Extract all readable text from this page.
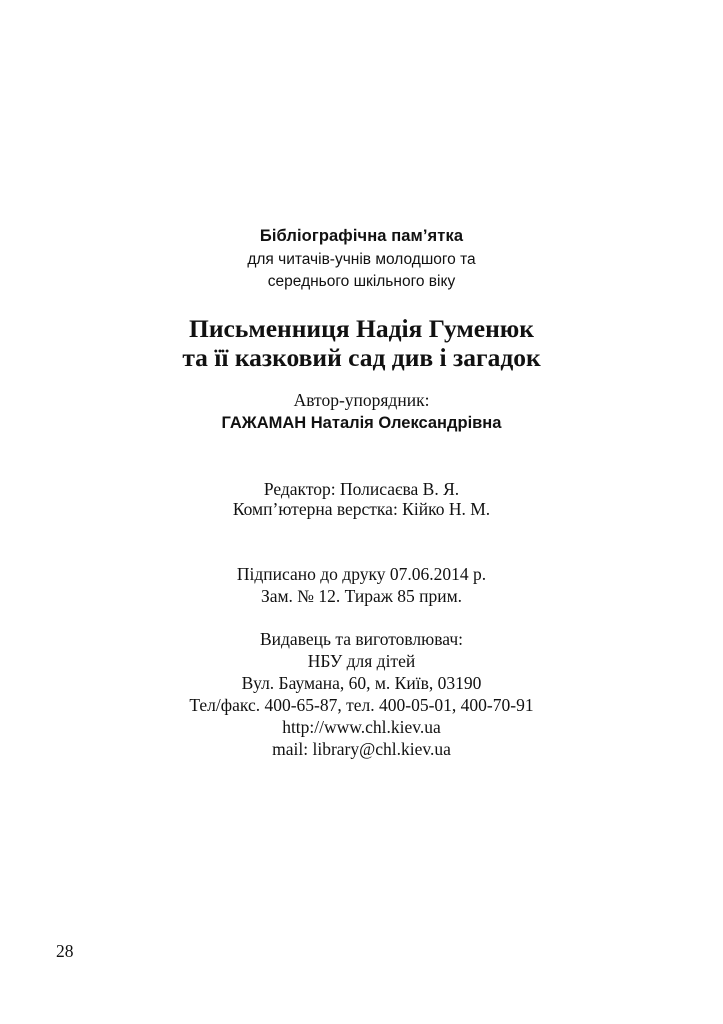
Бібліографічна пам’ятка
для читачів-учнів молодшого та
середнього шкільного віку
Письменниця Надія Гуменюк
та її казковий сад див і загадок
Автор-упорядник:
ГАЖАМАН Наталія Олександрівна
Редактор: Полисаєва В. Я.
Комп’ютерна верстка: Кійко Н. М.
Підписано до друку 07.06.2014 р.
Зам. № 12. Тираж 85 прим.
Видавець та виготовлювач:
НБУ для дітей
Вул. Баумана, 60, м. Київ, 03190
Тел/факс. 400-65-87, тел. 400-05-01, 400-70-91
http://www.chl.kiev.ua
mail: library@chl.kiev.ua
28
